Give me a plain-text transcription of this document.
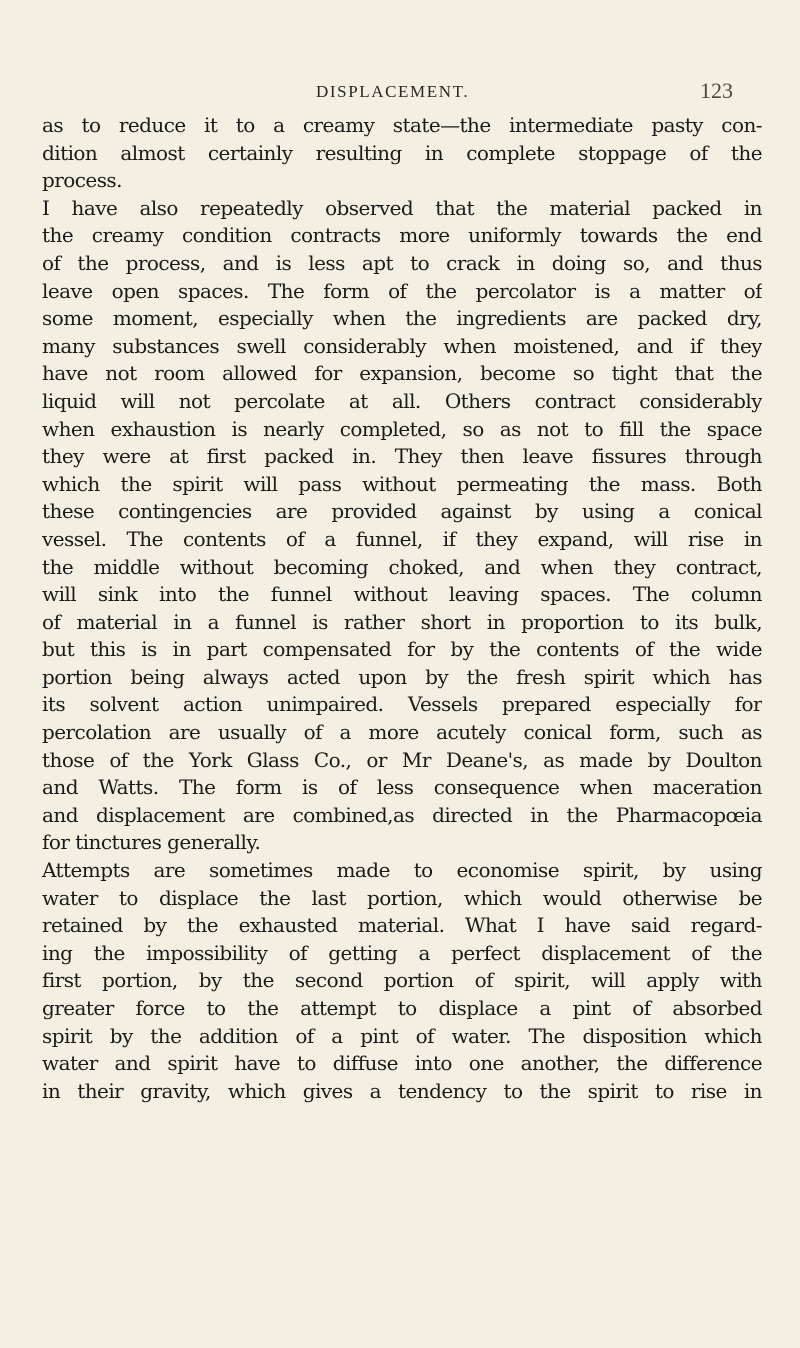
DISPLACEMENT.	123
as to reduce it to a creamy state—the intermediate pasty con-
dition almost certainly resulting in complete stoppage of the
process.
I have also repeatedly observed that the material packed in
the creamy condition contracts more uniformly towards the end
of the process, and is less apt to crack in doing so, and thus
leave open spaces. The form of the percolator is a matter of
some moment, especially when the ingredients are packed dry,
many substances swell considerably when moistened, and if they
have not room allowed for expansion, become so tight that the
liquid will not percolate at all. Others contract considerably
when exhaustion is nearly completed, so as not to fill the space
they were at first packed in. They then leave fissures through
which the spirit will pass without permeating the mass. Both
these contingencies are provided against by using a conical
vessel. The contents of a funnel, if they expand, will rise in
the middle without becoming choked, and when they contract,
will sink into the funnel without leaving spaces. The column
of material in a funnel is rather short in proportion to its bulk,
but this is in part compensated for by the contents of the wide
portion being always acted upon by the fresh spirit which has
its solvent action unimpaired. Vessels prepared especially for
percolation are usually of a more acutely conical form, such as
those of the York Glass Co., or Mr Deane's, as made by Doulton
and Watts. The form is of less consequence when maceration
and displacement are combined,as directed in the Pharmacopœia
for tinctures generally.
Attempts are sometimes made to economise spirit, by using
water to displace the last portion, which would otherwise be
retained by the exhausted material. What I have said regard-
ing the impossibility of getting a perfect displacement of the
first portion, by the second portion of spirit, will apply with
greater force to the attempt to displace a pint of absorbed
spirit by the addition of a pint of water. The disposition which
water and spirit have to diffuse into one another, the difference
in their gravity, which gives a tendency to the spirit to rise in
